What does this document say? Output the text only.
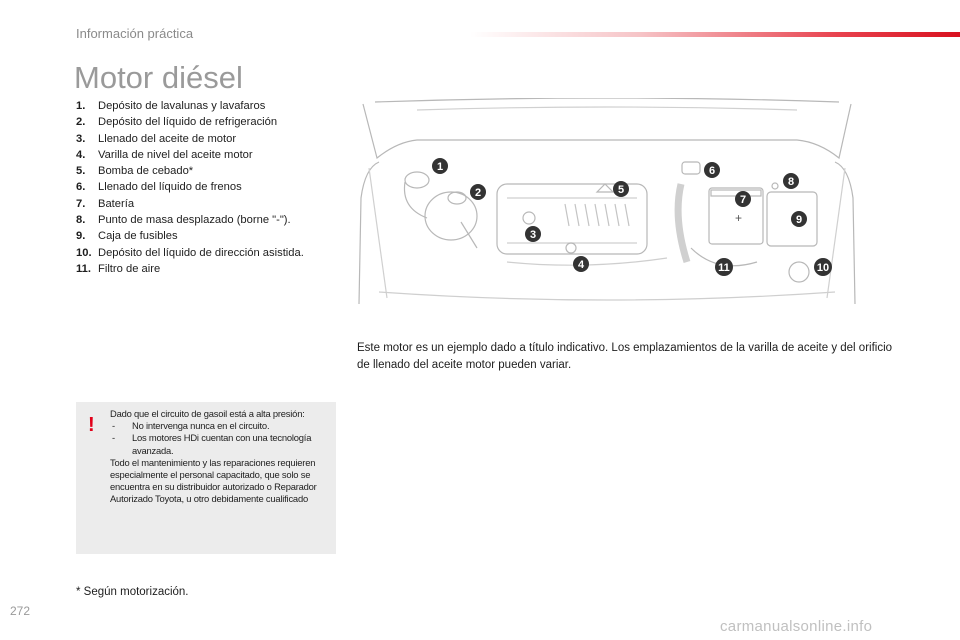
Información práctica
Motor diésel
1. Depósito de lavalunas y lavafaros
2. Depósito del líquido de refrigeración
3. Llenado del aceite de motor
4. Varilla de nivel del aceite motor
5. Bomba de cebado*
6. Llenado del líquido de frenos
7. Batería
8. Punto de masa desplazado (borne "-").
9. Caja de fusibles
10. Depósito del líquido de dirección asistida.
11. Filtro de aire
+
1
2
3
4
5
6
7
8
9
10
11
Este motor es un ejemplo dado a título indicativo. Los emplazamientos de la varilla de aceite y del orificio de llenado del aceite motor pueden variar.
!

Dado que el circuito de gasoil está a alta presión:

- No intervenga nunca en el circuito.

- Los motores HDi cuentan con una tecnología avanzada.

Todo el mantenimiento y las reparaciones requieren especialmente el personal capacitado, que solo se encuentra en su distribuidor autorizado o Reparador Autorizado Toyota, u otro debidamente cualificado

* Según motorización.
272
carmanualsonline.info
